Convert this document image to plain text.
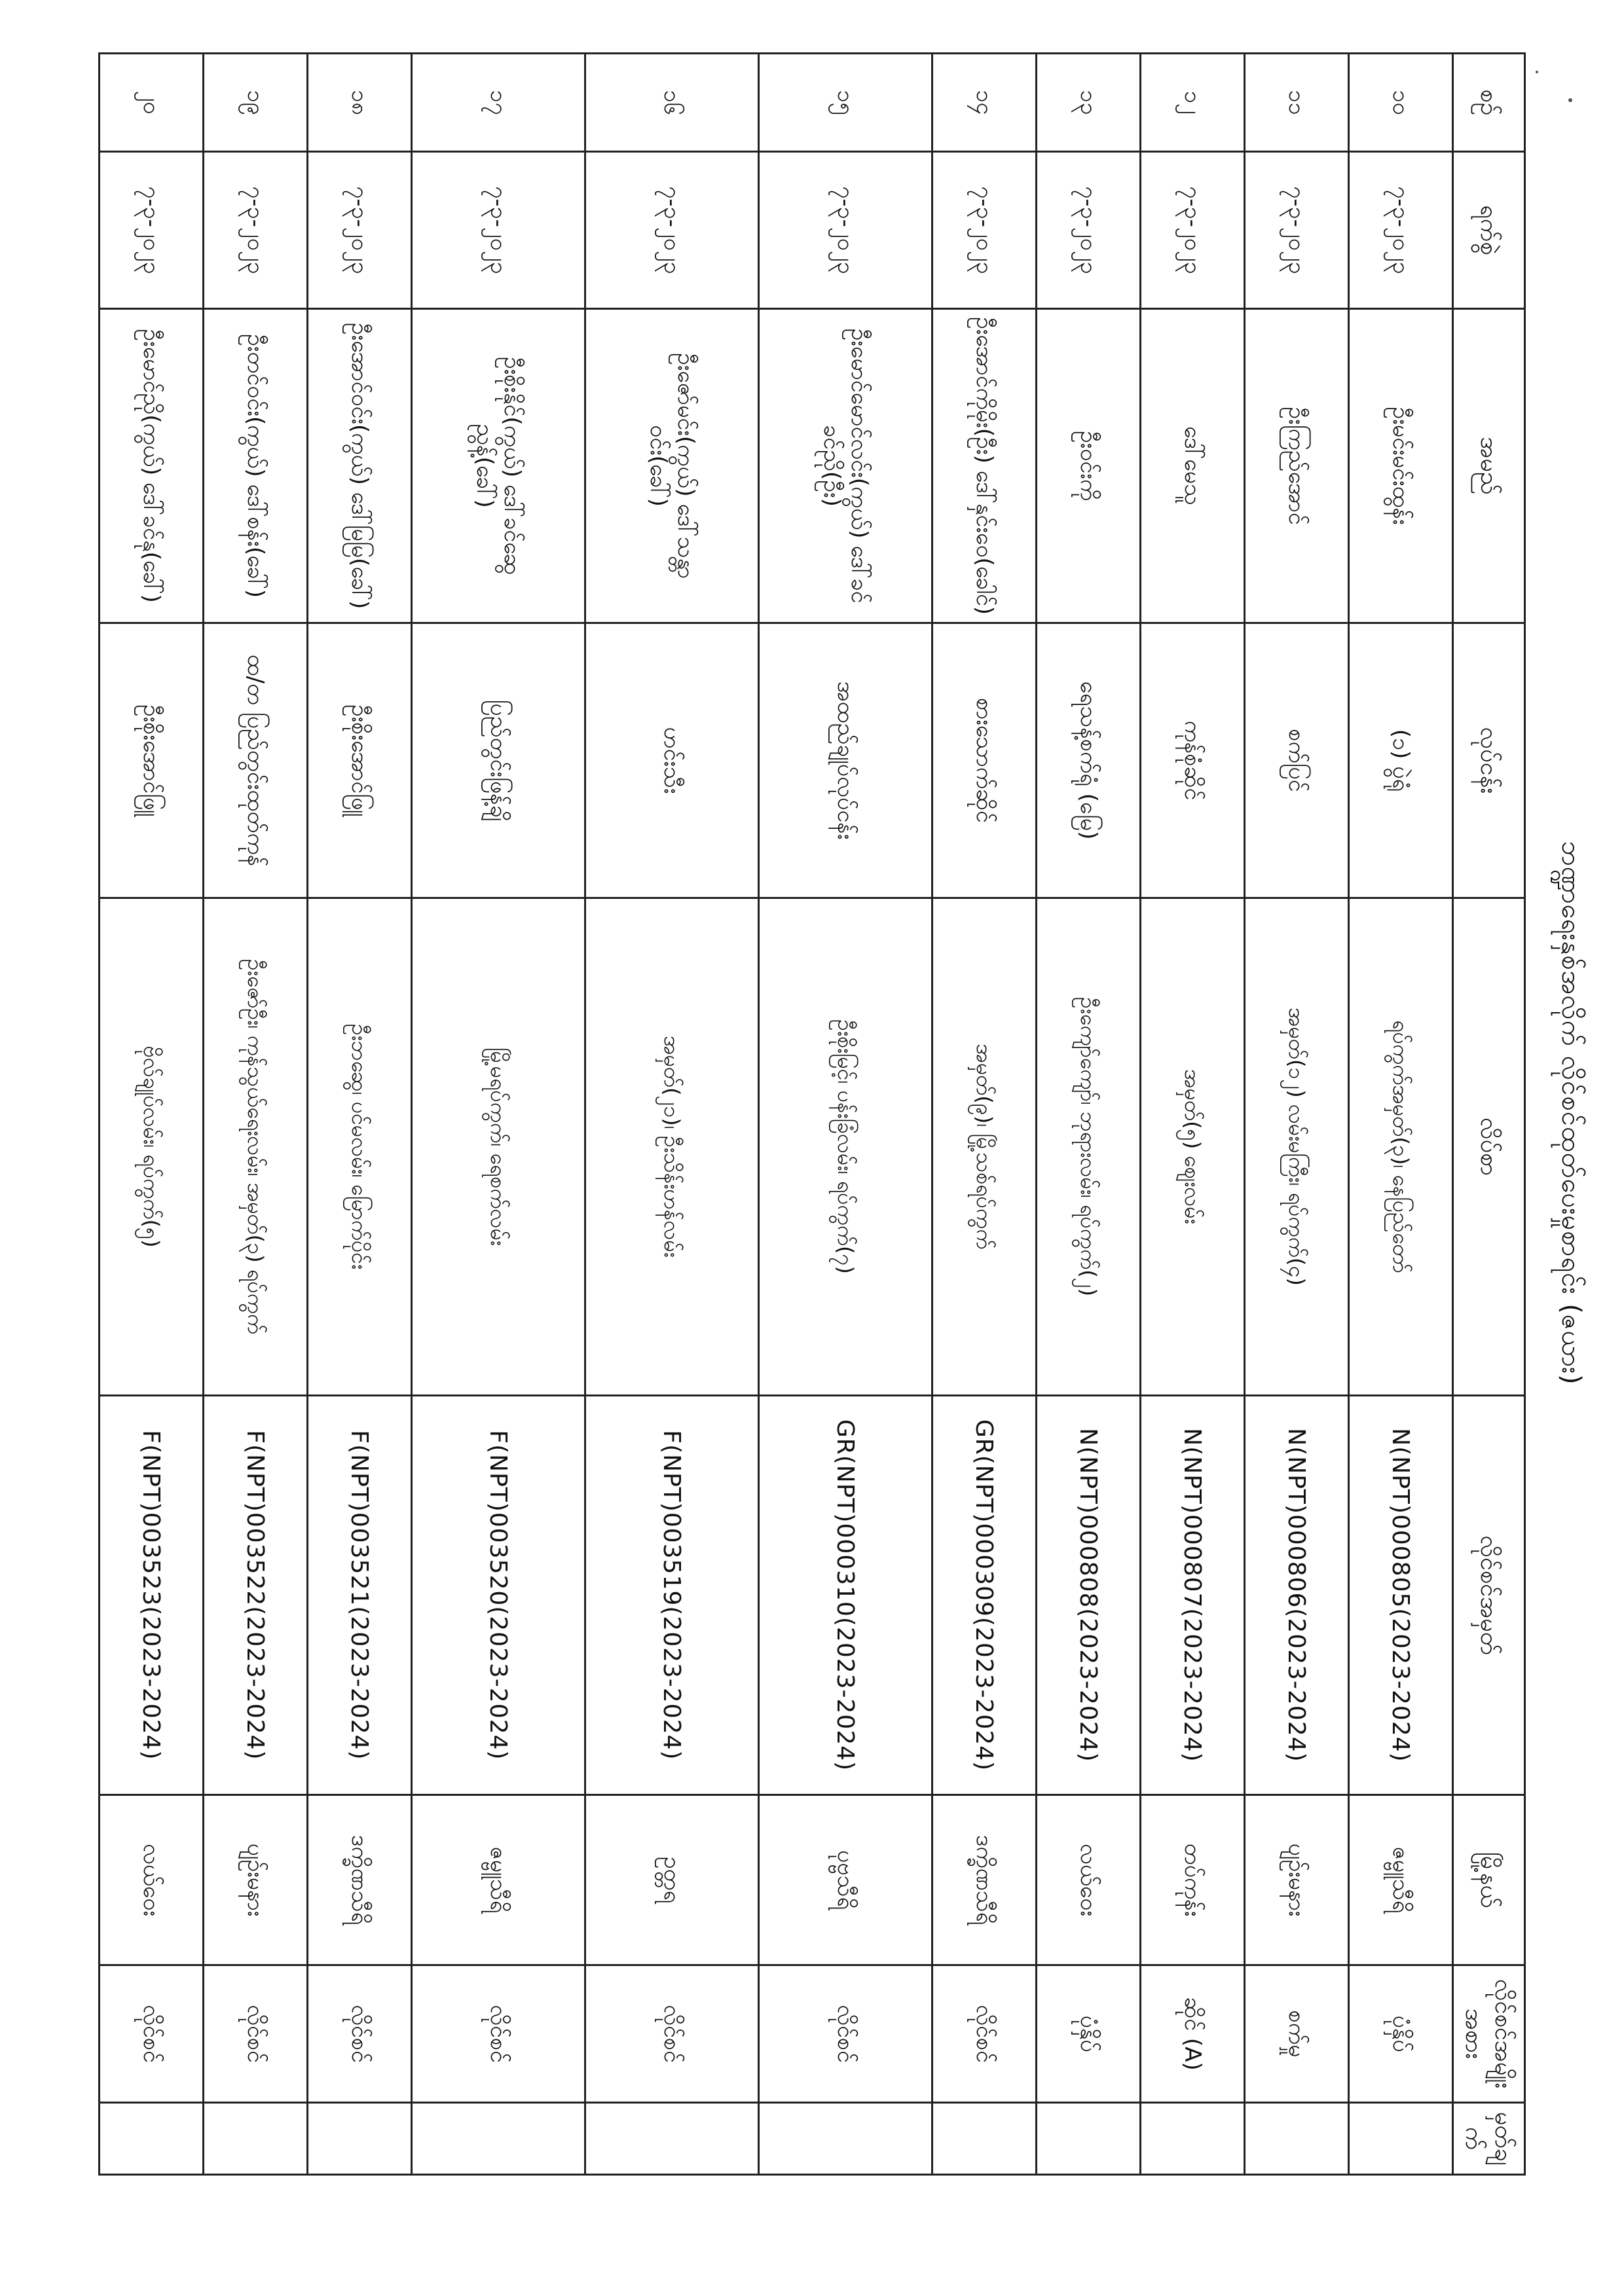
ဘဏ္ဍာရေးနှစ်အလိုက် လိုင်စင်ထုတ်ပေးမှုစာရင်း (ဇယား)
စဉ်	ရက်စွဲ	အမည်	လုပ်ငန်း	လိပ်စာ	လိုင်စင်အမှတ်	မြို့နယ်	လိုင်စင်အမျိုးအစား	မှတ်ချက်
၁၀	၇-၃-၂၀၂၃	ဦးမင်းမင်းထွန်း	(၁) ပွဲရုံ	ရပ်ကွက်အမှတ်(၃)၊ နေပြည်တော်	N(NPT)000805(2023-2024)	ဇမ္ဗူသီရိ	ပုံနှိပ်	
၁၁	၇-၃-၂၀၂၃	ဦးကြည်အောင်	စက်ပြင်	အမှတ်(၁၂) လမ်းမကြီး၊ ရပ်ကွက်(၄)	N(NPT)000806(2023-2024)	ပျဉ်းမနား	စက်မှု	
၁၂	၇-၃-၂၀၂၃	ဒေါ်မေသူ	ကုန်စုံဆိုင်	အမှတ်(၅) ဈေးလမ်း	N(NPT)000807(2023-2024)	တပ်ကုန်း	ဆိုင် (A)	
၁၃	၇-၃-၂၀၂၃	ဦးဝင်းကို	ရေသန့်စက်ရုံ (မြေ)	ဦးကျော်ကျော်၊ ဘုရားလမ်း၊ ရပ်ကွက်(၂)	N(NPT)000808(2023-2024)	လယ်ဝေး	ပုံနှိပ်	
၁၄	၇-၃-၂၀၂၃	ဦးအောင်ကိုမိုး(ဦး) ဒေါ်နှင်းဝေ(ခေါင်)	စားသောက်ဆိုင်	အမှတ်(၉)၊ မြို့သစ်ရပ်ကွက်	GR(NPT)000309(2023-2024)	ဒက္ခိဏသီရိ	လိုင်စင်	
၁၅	၇-၃-၂၀၂၃	ဦးမောင်မောင်လင်း(ကွယ်) ဒေါ်ခင်ခင်ညို(ဦး)	အထည်ချုပ်လုပ်ငန်း	ဦးစိုးမြင့်၊ ပန်းခြံလမ်း၊ ရပ်ကွက်(၇)	GR(NPT)000310(2023-2024)	ပုဗ္ဗသီရိ	လိုင်စင်	
၁၆	၇-၃-၂၀၂၃	ဦးဇော်မင်း(ကွယ်) ဒေါ်သန္တာဝင်း(ခေါ်)	ဟင်းသီး	အမှတ်(၂၁)၊ ဦးသိန်းဟန်လမ်း	F(NPT)003519(2023-2024)	ဥတ္တရ	လိုင်စင်	
၁၇	၇-၃-၂၀၂၃	ဦးစိုးနိုင်(ကွယ်) ဒေါ်ခင်ဆွေညွန့်(ခေါ်)	ပြည်တွင်းဖြန့်ချိ	မြို့မရပ်ကွက်၊ ရေစက်လမ်း	F(NPT)003520(2023-2024)	ဇမ္ဗူသီရိ	လိုင်စင်	
၁၈	၇-၃-၂၀၂၃	ဦးအောင်ဝင်း(ကွယ်) ဒေါ်မြမြ(ခေါ်)	ဦးစိုးအောင်ဖြူ	ဦးဘဆွေ၊ ပင်မလမ်း၊ မြောက်ပိုင်း	F(NPT)003521(2023-2024)	ဒက္ခိဏသီရိ	လိုင်စင်	
၁၉	၇-၃-၂၀၂၃	ဦးတင်ဝင်း(ကွယ်) ဒေါ်စန်း(ခေါ်)	ထ/တ ပြည်တွင်းထုတ်ကုန်	ဦးဇော်ဦး၊ ကုန်သွယ်ရေးလမ်း၊ အမှတ်(၃) ရပ်ကွက်	F(NPT)003522(2023-2024)	ပျဉ်းမနား	လိုင်စင်	
၂၀	၇-၃-၂၀၂၃	ဦးမောင်ညို(ကွယ်) ဒေါ်ခင်နု(ခေါ်)	ဦးစိုးအောင်ဖြူ	ဗိုလ်ချုပ်လမ်း၊ ရပ်ကွက်(၅)	F(NPT)003523(2023-2024)	လယ်ဝေး	လိုင်စင်	
